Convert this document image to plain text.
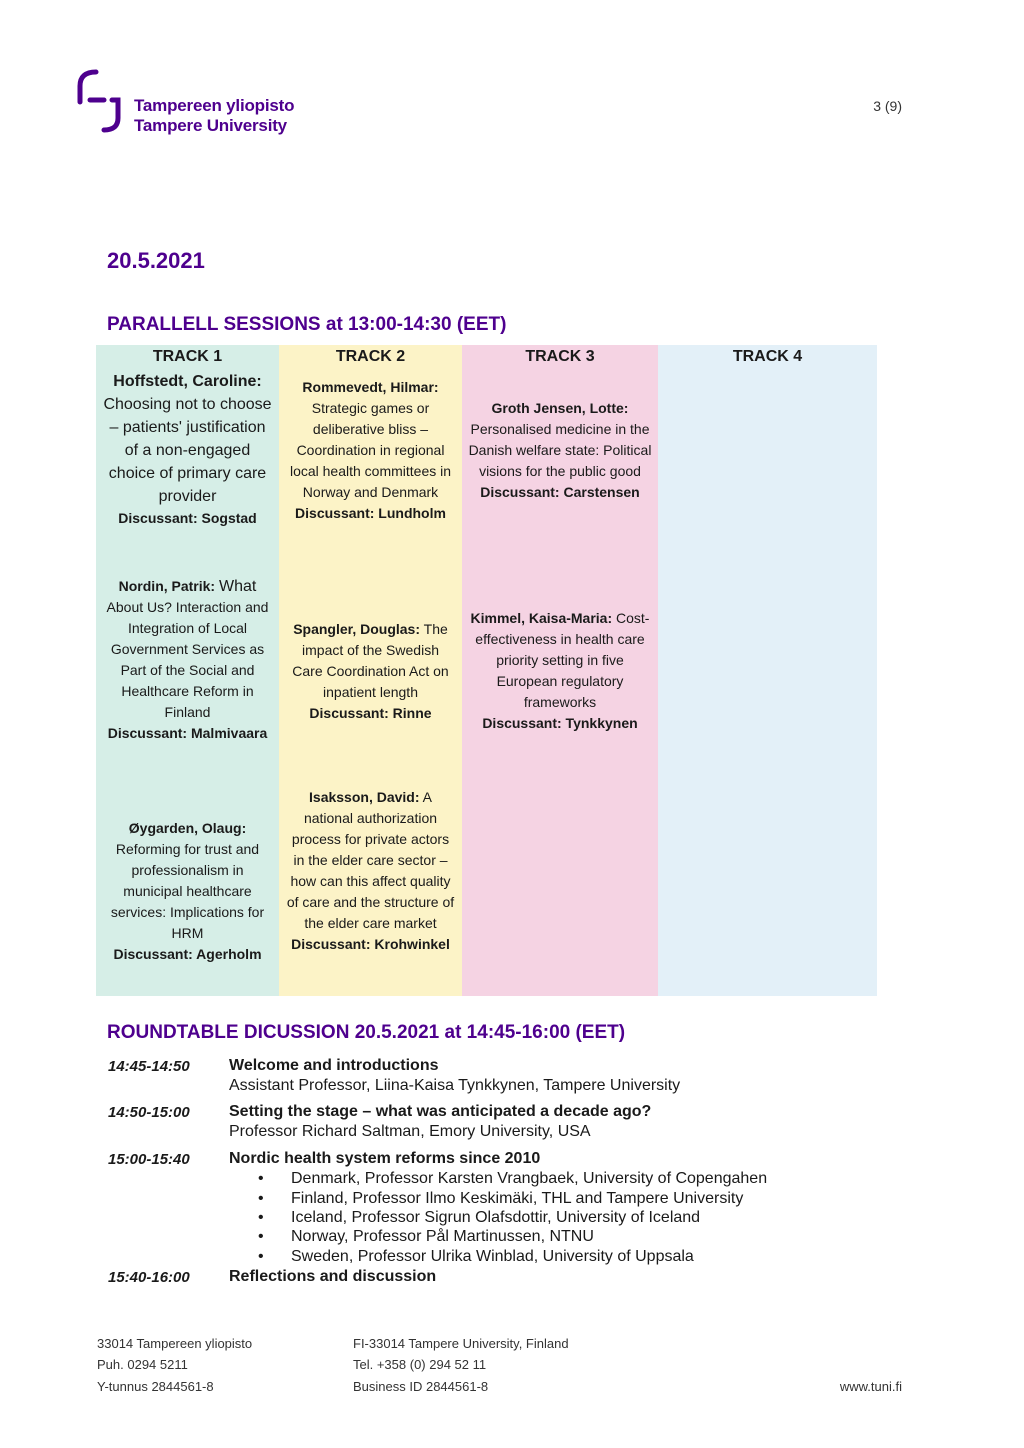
Tampereen yliopisto
Tampere University
3 (9)
20.5.2021
PARALLELL SESSIONS at 13:00-14:30 (EET)
TRACK 1
Hoffstedt, Caroline: Choosing not to choose – patients' justification of a non-engaged choice of primary care provider
Discussant: Sogstad
Nordin, Patrik: What About Us? Interaction and Integration of Local Government Services as Part of the Social and Healthcare Reform in Finland
Discussant: Malmivaara
Øygarden, Olaug: Reforming for trust and professionalism in municipal healthcare services: Implications for HRM
Discussant: Agerholm
TRACK 2
Rommevedt, Hilmar: Strategic games or deliberative bliss – Coordination in regional local health committees in Norway and Denmark
Discussant: Lundholm
Spangler, Douglas: The impact of the Swedish Care Coordination Act on inpatient length
Discussant: Rinne
Isaksson, David: A national authorization process for private actors in the elder care sector – how can this affect quality of care and the structure of the elder care market
Discussant: Krohwinkel
TRACK 3
Groth Jensen, Lotte: Personalised medicine in the Danish welfare state: Political visions for the public good
Discussant: Carstensen
Kimmel, Kaisa-Maria: Cost-effectiveness in health care priority setting in five European regulatory frameworks
Discussant: Tynkkynen
TRACK 4
ROUNDTABLE DICUSSION 20.5.2021 at 14:45-16:00 (EET)
14:45-14:50 Welcome and introductions
Assistant Professor, Liina-Kaisa Tynkkynen, Tampere University
14:50-15:00 Setting the stage – what was anticipated a decade ago?
Professor Richard Saltman, Emory University, USA
15:00-15:40 Nordic health system reforms since 2010
• Denmark, Professor Karsten Vrangbaek, University of Copengahen
• Finland, Professor Ilmo Keskimäki, THL and Tampere University
• Iceland, Professor Sigrun Olafsdottir, University of Iceland
• Norway, Professor Pål Martinussen, NTNU
• Sweden, Professor Ulrika Winblad, University of Uppsala
15:40-16:00 Reflections and discussion
33014 Tampereen yliopisto
Puh. 0294 5211
Y-tunnus 2844561-8
FI-33014 Tampere University, Finland
Tel. +358 (0) 294 52 11
Business ID 2844561-8	www.tuni.fi
